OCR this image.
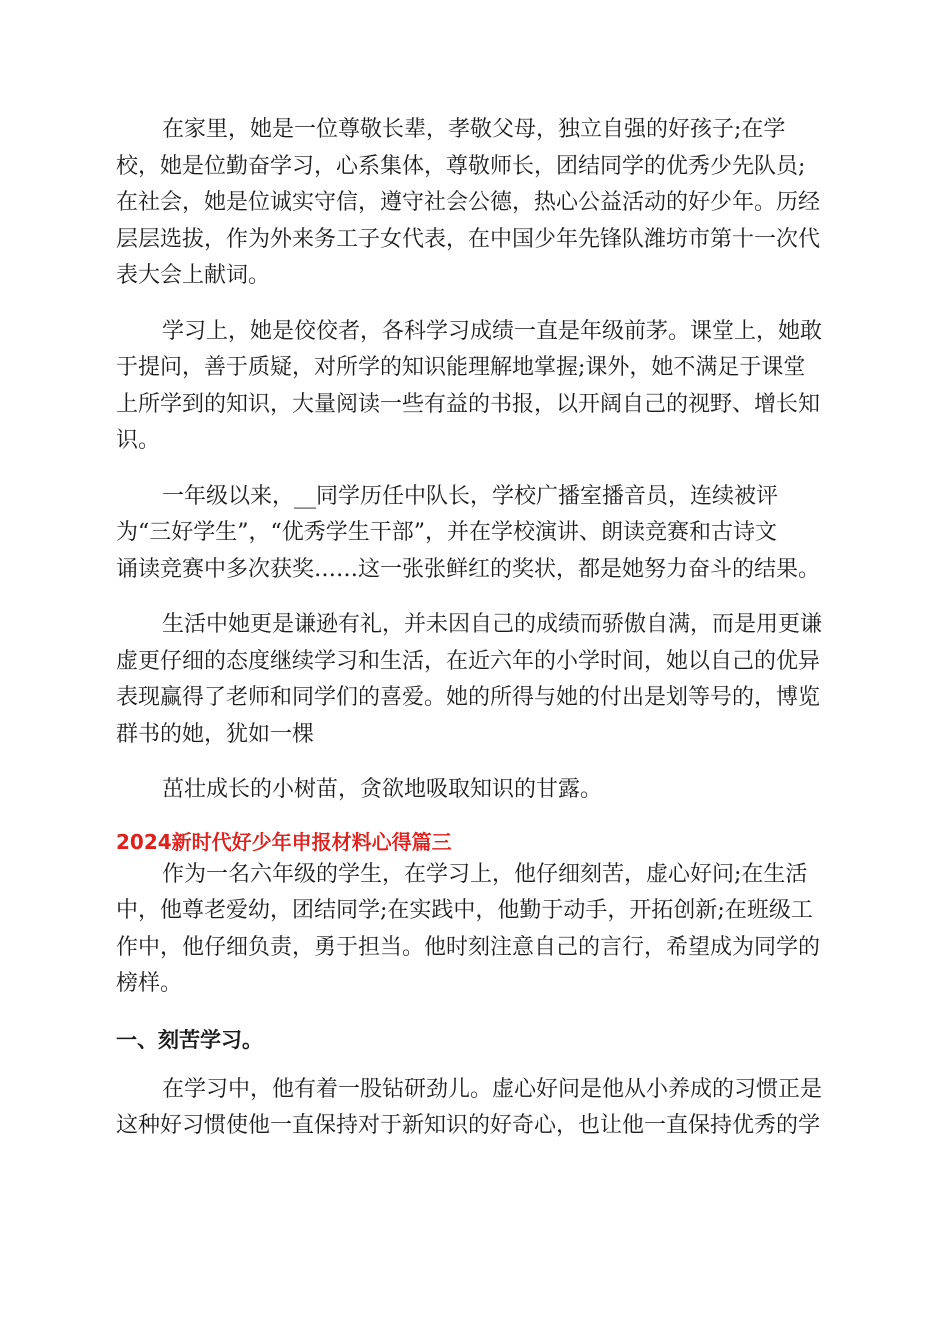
在家里，她是一位尊敬长辈，孝敬父母，独立自强的好孩子;在学
校，她是位勤奋学习，心系集体，尊敬师长，团结同学的优秀少先队员;
在社会，她是位诚实守信，遵守社会公德，热心公益活动的好少年。历经
层层选拔，作为外来务工子女代表，在中国少年先锋队潍坊市第十一次代
表大会上献词。
学习上，她是佼佼者，各科学习成绩一直是年级前茅。课堂上，她敢
于提问，善于质疑，对所学的知识能理解地掌握;课外，她不满足于课堂
上所学到的知识，大量阅读一些有益的书报，以开阔自己的视野、增长知
识。
一年级以来，__同学历任中队长，学校广播室播音员，连续被评
为“三好学生”，“优秀学生干部”，并在学校演讲、朗读竞赛和古诗文
诵读竞赛中多次获奖……这一张张鲜红的奖状，都是她努力奋斗的结果。
生活中她更是谦逊有礼，并未因自己的成绩而骄傲自满，而是用更谦
虚更仔细的态度继续学习和生活，在近六年的小学时间，她以自己的优异
表现赢得了老师和同学们的喜爱。她的所得与她的付出是划等号的，博览
群书的她，犹如一棵
茁壮成长的小树苗，贪欲地吸取知识的甘露。
2024新时代好少年申报材料心得篇三
作为一名六年级的学生，在学习上，他仔细刻苦，虚心好问;在生活
中，他尊老爱幼，团结同学;在实践中，他勤于动手，开拓创新;在班级工
作中，他仔细负责，勇于担当。他时刻注意自己的言行，希望成为同学的
榜样。
一、刻苦学习。
在学习中，他有着一股钻研劲儿。虚心好问是他从小养成的习惯正是
这种好习惯使他一直保持对于新知识的好奇心，也让他一直保持优秀的学
